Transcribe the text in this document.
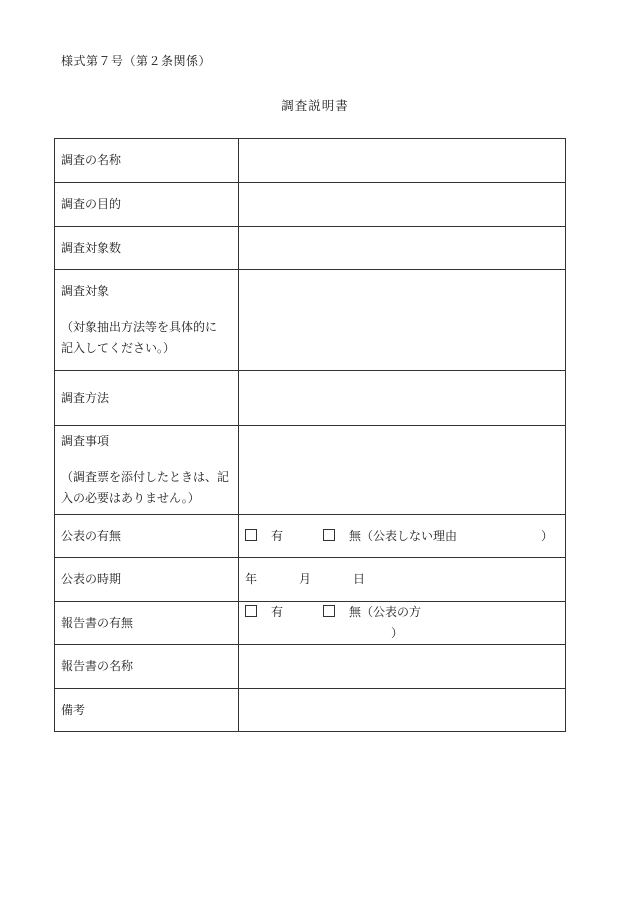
様式第７号（第２条関係）
調査説明書
調査の名称	
調査の目的	
調査対象数	

調査対象
（対象抽出方法等を具体的に
記入してください。）	

調査方法	

調査事項
（調査票を添付したときは、記
入の必要はありません。）	

公表の有無	有 無（公表しない理由 ）
公表の時期	年 月 日
報告書の有無	有 無（公表の方）
報告書の名称	
備考	
